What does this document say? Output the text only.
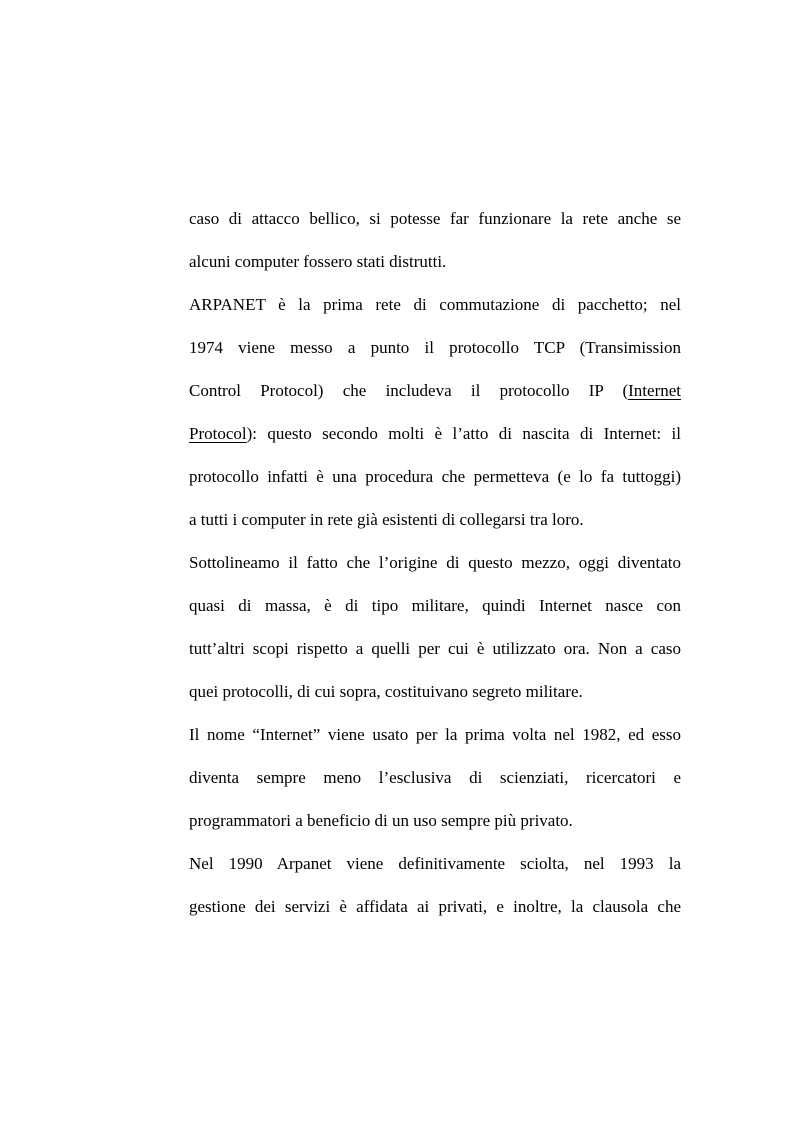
caso di attacco bellico, si potesse far funzionare la rete anche se
alcuni computer fossero stati distrutti.
ARPANET è la prima rete di commutazione di pacchetto; nel
1974 viene messo a punto il protocollo TCP (Transimission
Control Protocol) che includeva il protocollo IP (Internet
Protocol): questo secondo molti è l’atto di nascita di Internet: il
protocollo infatti è una procedura che permetteva (e lo fa tuttoggi)
a tutti i computer in rete già esistenti di collegarsi tra loro.
Sottolineamo il fatto che l’origine di questo mezzo, oggi diventato
quasi di massa, è di tipo militare, quindi Internet nasce con
tutt’altri scopi rispetto a quelli per cui è utilizzato ora. Non a caso
quei protocolli, di cui sopra, costituivano segreto militare.
Il nome “Internet” viene usato per la prima volta nel 1982, ed esso
diventa sempre meno l’esclusiva di scienziati, ricercatori e
programmatori a beneficio di un uso sempre più privato.
Nel 1990 Arpanet viene definitivamente sciolta, nel 1993 la
gestione dei servizi è affidata ai privati, e inoltre, la clausola che
